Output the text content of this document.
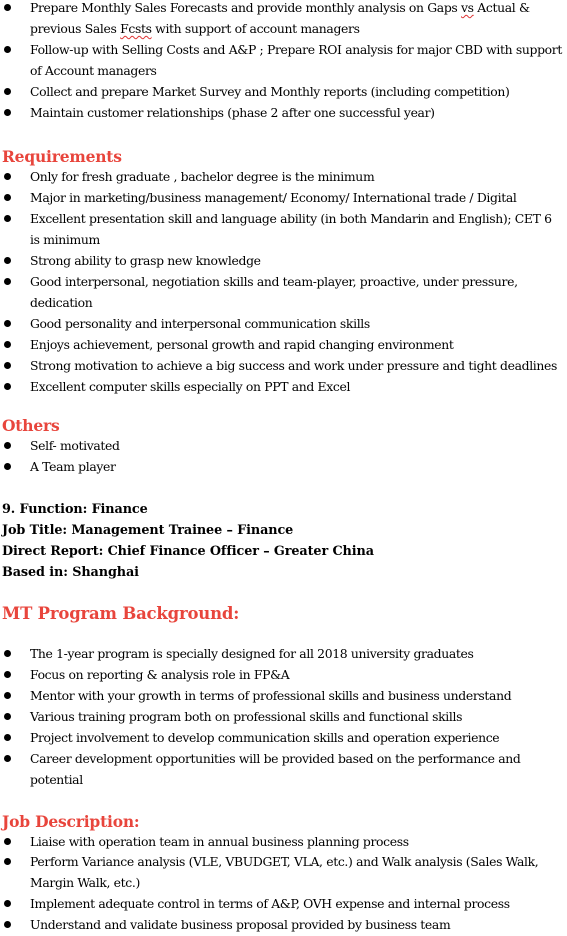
Prepare Monthly Sales Forecasts and provide monthly analysis on Gaps vs Actual & previous Sales Fcsts with support of account managers
Follow-up with Selling Costs and A&P ; Prepare ROI analysis for major CBD with support of Account managers
Collect and prepare Market Survey and Monthly reports (including competition)
Maintain customer relationships (phase 2 after one successful year)
Requirements
Only for fresh graduate , bachelor degree is the minimum
Major in marketing/business management/ Economy/ International trade / Digital
Excellent presentation skill and language ability (in both Mandarin and English); CET 6 is minimum
Strong ability to grasp new knowledge
Good interpersonal, negotiation skills and team-player, proactive, under pressure, dedication
Good personality and interpersonal communication skills
Enjoys achievement, personal growth and rapid changing environment
Strong motivation to achieve a big success and work under pressure and tight deadlines
Excellent computer skills especially on PPT and Excel
Others
Self- motivated
A Team player
9. Function: Finance
Job Title: Management Trainee – Finance
Direct Report: Chief Finance Officer – Greater China
Based in: Shanghai
MT Program Background:
The 1-year program is specially designed for all 2018 university graduates
Focus on reporting & analysis role in FP&A
Mentor with your growth in terms of professional skills and business understand
Various training program both on professional skills and functional skills
Project involvement to develop communication skills and operation experience
Career development opportunities will be provided based on the performance and potential
Job Description:
Liaise with operation team in annual business planning process
Perform Variance analysis (VLE, VBUDGET, VLA, etc.) and Walk analysis (Sales Walk, Margin Walk, etc.)
Implement adequate control in terms of A&P, OVH expense and internal process
Understand and validate business proposal provided by business team
